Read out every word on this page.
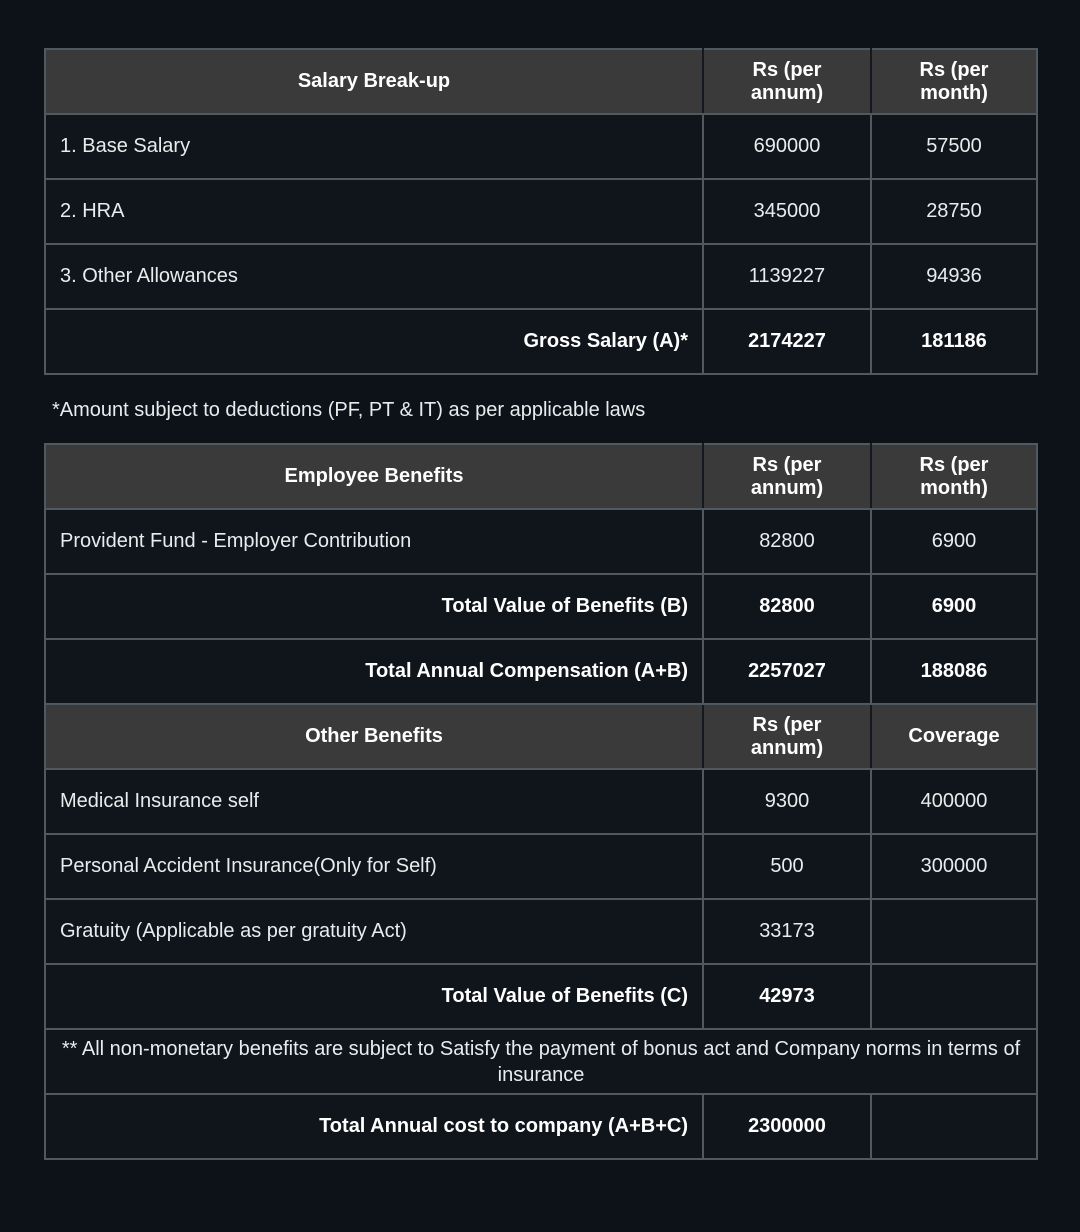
Salary Break-up	Rs (per annum)	Rs (per month)
1. Base Salary	690000	57500
2. HRA	345000	28750
3. Other Allowances	1139227	94936
Gross Salary (A)*	2174227	181186
*Amount subject to deductions (PF, PT & IT) as per applicable laws
Employee Benefits	Rs (per annum)	Rs (per month)
Provident Fund - Employer Contribution	82800	6900
Total Value of Benefits (B)	82800	6900
Total Annual Compensation (A+B)	2257027	188086
Other Benefits	Rs (per annum)	Coverage
Medical Insurance self	9300	400000
Personal Accident Insurance(Only for Self)	500	300000
Gratuity (Applicable as per gratuity Act)	33173	
Total Value of Benefits (C)	42973	
** All non-monetary benefits are subject to Satisfy the payment of bonus act and Company norms in terms of insurance		
Total Annual cost to company (A+B+C)	2300000	
